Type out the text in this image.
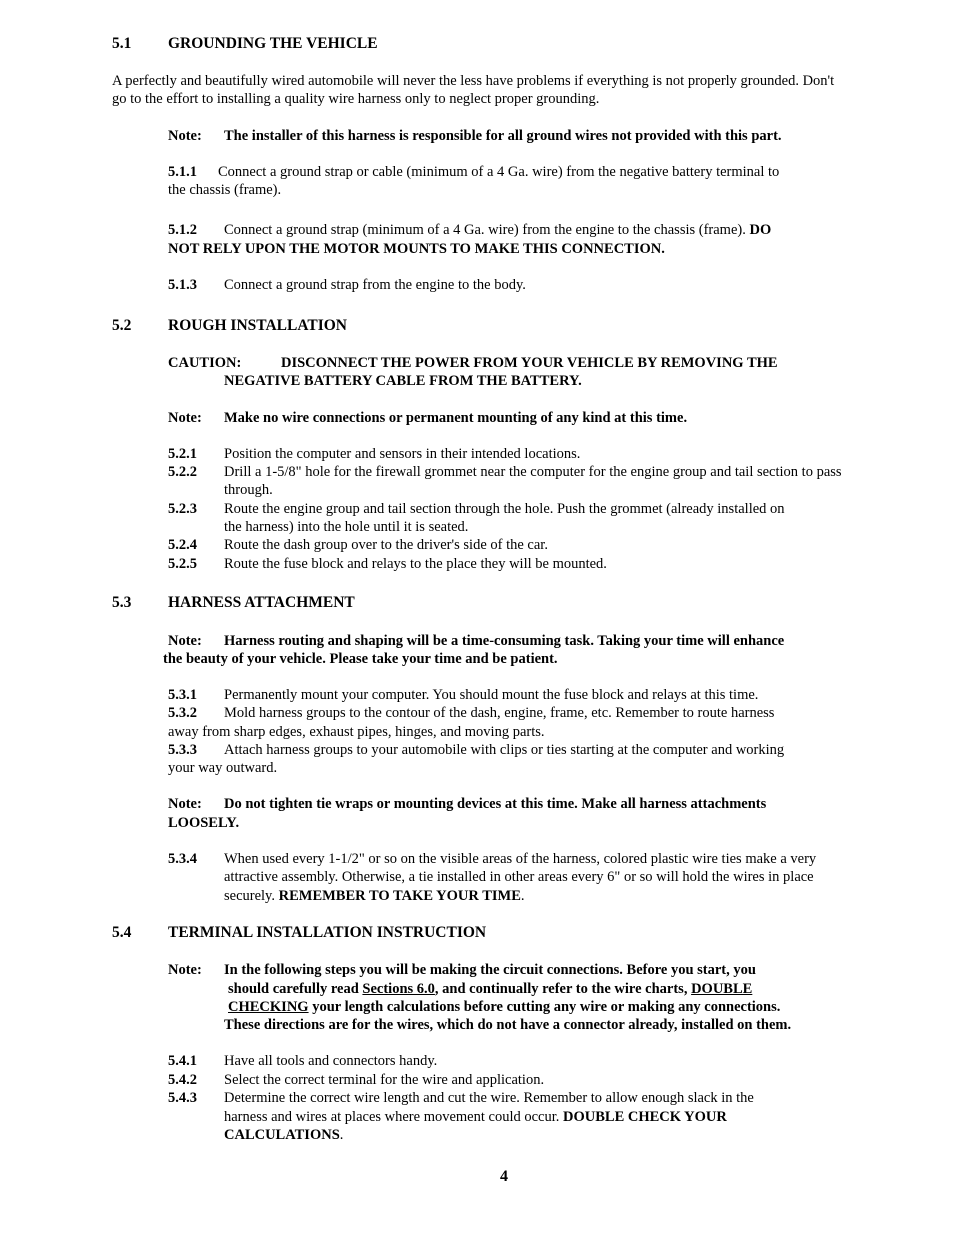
5.1 GROUNDING THE VEHICLE
A perfectly and beautifully wired automobile will never the less have problems if everything is not properly grounded. Don't
go to the effort to installing a quality wire harness only to neglect proper grounding.
Note: The installer of this harness is responsible for all ground wires not provided with this part.
5.1.1 Connect a ground strap or cable (minimum of a 4 Ga. wire) from the negative battery terminal to
the chassis (frame).
5.1.2 Connect a ground strap (minimum of a 4 Ga. wire) from the engine to the chassis (frame). DO
NOT RELY UPON THE MOTOR MOUNTS TO MAKE THIS CONNECTION.
5.1.3 Connect a ground strap from the engine to the body.
5.2 ROUGH INSTALLATION
CAUTION:	DISCONNECT THE POWER FROM YOUR VEHICLE BY REMOVING THE
NEGATIVE BATTERY CABLE FROM THE BATTERY.
Note: Make no wire connections or permanent mounting of any kind at this time.
5.2.1 Position the computer and sensors in their intended locations.
5.2.2 Drill a 1-5/8" hole for the firewall grommet near the computer for the engine group and tail section to pass
through.
5.2.3 Route the engine group and tail section through the hole. Push the grommet (already installed on
the harness) into the hole until it is seated.
5.2.4 Route the dash group over to the driver's side of the car.
5.2.5 Route the fuse block and relays to the place they will be mounted.
5.3 HARNESS ATTACHMENT
Note: Harness routing and shaping will be a time-consuming task. Taking your time will enhance
the beauty of your vehicle. Please take your time and be patient.
5.3.1 Permanently mount your computer. You should mount the fuse block and relays at this time.
5.3.2 Mold harness groups to the contour of the dash, engine, frame, etc. Remember to route harness
away from sharp edges, exhaust pipes, hinges, and moving parts.
5.3.3 Attach harness groups to your automobile with clips or ties starting at the computer and working
your way outward.
Note: Do not tighten tie wraps or mounting devices at this time. Make all harness attachments
LOOSELY.
5.3.4 When used every 1-1/2" or so on the visible areas of the harness, colored plastic wire ties make a very
attractive assembly. Otherwise, a tie installed in other areas every 6" or so will hold the wires in place
securely. REMEMBER TO TAKE YOUR TIME.
5.4 TERMINAL INSTALLATION INSTRUCTION
Note: In the following steps you will be making the circuit connections. Before you start, you
should carefully read Sections 6.0, and continually refer to the wire charts, DOUBLE
CHECKING your length calculations before cutting any wire or making any connections.
These directions are for the wires, which do not have a connector already, installed on them.
5.4.1 Have all tools and connectors handy.
5.4.2 Select the correct terminal for the wire and application.
5.4.3 Determine the correct wire length and cut the wire. Remember to allow enough slack in the
harness and wires at places where movement could occur. DOUBLE CHECK YOUR
CALCULATIONS.
4
